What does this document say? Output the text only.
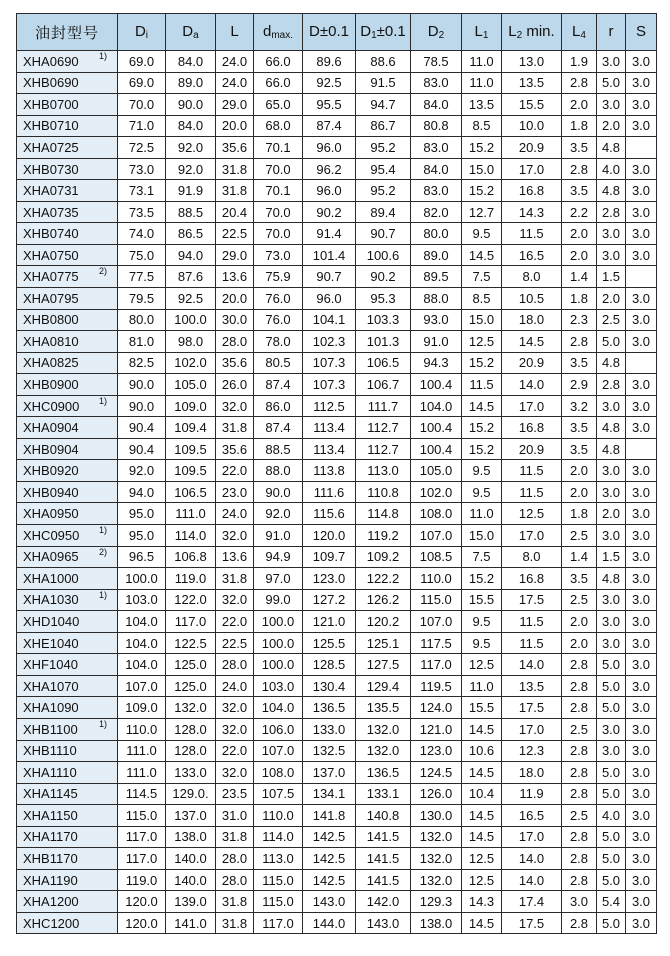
油封型号	$D_i$	$D_a$	L	$d_{max.}$	D±0.1	$D_1\pm 0.1$	$D_2$	$L_1$	$L_2$ min.	$L_4$	r	S
XHA0690 1)	69.0	84.0	24.0	66.0	89.6	88.6	78.5	11.0	13.0	1.9	3.0	3.0
XHB0690	69.0	89.0	24.0	66.0	92.5	91.5	83.0	11.0	13.5	2.8	5.0	3.0
XHB0700	70.0	90.0	29.0	65.0	95.5	94.7	84.0	13.5	15.5	2.0	3.0	3.0
XHB0710	71.0	84.0	20.0	68.0	87.4	86.7	80.8	8.5	10.0	1.8	2.0	3.0
XHA0725	72.5	92.0	35.6	70.1	96.0	95.2	83.0	15.2	20.9	3.5	4.8	
XHB0730	73.0	92.0	31.8	70.0	96.2	95.4	84.0	15.0	17.0	2.8	4.0	3.0
XHA0731	73.1	91.9	31.8	70.1	96.0	95.2	83.0	15.2	16.8	3.5	4.8	3.0
XHA0735	73.5	88.5	20.4	70.0	90.2	89.4	82.0	12.7	14.3	2.2	2.8	3.0
XHB0740	74.0	86.5	22.5	70.0	91.4	90.7	80.0	9.5	11.5	2.0	3.0	3.0
XHA0750	75.0	94.0	29.0	73.0	101.4	100.6	89.0	14.5	16.5	2.0	3.0	3.0
XHA0775 2)	77.5	87.6	13.6	75.9	90.7	90.2	89.5	7.5	8.0	1.4	1.5	
XHA0795	79.5	92.5	20.0	76.0	96.0	95.3	88.0	8.5	10.5	1.8	2.0	3.0
XHB0800	80.0	100.0	30.0	76.0	104.1	103.3	93.0	15.0	18.0	2.3	2.5	3.0
XHA0810	81.0	98.0	28.0	78.0	102.3	101.3	91.0	12.5	14.5	2.8	5.0	3.0
XHA0825	82.5	102.0	35.6	80.5	107.3	106.5	94.3	15.2	20.9	3.5	4.8	
XHB0900	90.0	105.0	26.0	87.4	107.3	106.7	100.4	11.5	14.0	2.9	2.8	3.0
XHC0900 1)	90.0	109.0	32.0	86.0	112.5	111.7	104.0	14.5	17.0	3.2	3.0	3.0
XHA0904	90.4	109.4	31.8	87.4	113.4	112.7	100.4	15.2	16.8	3.5	4.8	3.0
XHB0904	90.4	109.5	35.6	88.5	113.4	112.7	100.4	15.2	20.9	3.5	4.8	
XHB0920	92.0	109.5	22.0	88.0	113.8	113.0	105.0	9.5	11.5	2.0	3.0	3.0
XHB0940	94.0	106.5	23.0	90.0	111.6	110.8	102.0	9.5	11.5	2.0	3.0	3.0
XHA0950	95.0	111.0	24.0	92.0	115.6	114.8	108.0	11.0	12.5	1.8	2.0	3.0
XHC0950 1)	95.0	114.0	32.0	91.0	120.0	119.2	107.0	15.0	17.0	2.5	3.0	3.0
XHA0965 2)	96.5	106.8	13.6	94.9	109.7	109.2	108.5	7.5	8.0	1.4	1.5	3.0
XHA1000	100.0	119.0	31.8	97.0	123.0	122.2	110.0	15.2	16.8	3.5	4.8	3.0
XHA1030 1)	103.0	122.0	32.0	99.0	127.2	126.2	115.0	15.5	17.5	2.5	3.0	3.0
XHD1040	104.0	117.0	22.0	100.0	121.0	120.2	107.0	9.5	11.5	2.0	3.0	3.0
XHE1040	104.0	122.5	22.5	100.0	125.5	125.1	117.5	9.5	11.5	2.0	3.0	3.0
XHF1040	104.0	125.0	28.0	100.0	128.5	127.5	117.0	12.5	14.0	2.8	5.0	3.0
XHA1070	107.0	125.0	24.0	103.0	130.4	129.4	119.5	11.0	13.5	2.8	5.0	3.0
XHA1090	109.0	132.0	32.0	104.0	136.5	135.5	124.0	15.5	17.5	2.8	5.0	3.0
XHB1100 1)	110.0	128.0	32.0	106.0	133.0	132.0	121.0	14.5	17.0	2.5	3.0	3.0
XHB1110	111.0	128.0	22.0	107.0	132.5	132.0	123.0	10.6	12.3	2.8	3.0	3.0
XHA1110	111.0	133.0	32.0	108.0	137.0	136.5	124.5	14.5	18.0	2.8	5.0	3.0
XHA1145	114.5	129.0.	23.5	107.5	134.1	133.1	126.0	10.4	11.9	2.8	5.0	3.0
XHA1150	115.0	137.0	31.0	110.0	141.8	140.8	130.0	14.5	16.5	2.5	4.0	3.0
XHA1170	117.0	138.0	31.8	114.0	142.5	141.5	132.0	14.5	17.0	2.8	5.0	3.0
XHB1170	117.0	140.0	28.0	113.0	142.5	141.5	132.0	12.5	14.0	2.8	5.0	3.0
XHA1190	119.0	140.0	28.0	115.0	142.5	141.5	132.0	12.5	14.0	2.8	5.0	3.0
XHA1200	120.0	139.0	31.8	115.0	143.0	142.0	129.3	14.3	17.4	3.0	5.4	3.0
XHC1200	120.0	141.0	31.8	117.0	144.0	143.0	138.0	14.5	17.5	2.8	5.0	3.0
